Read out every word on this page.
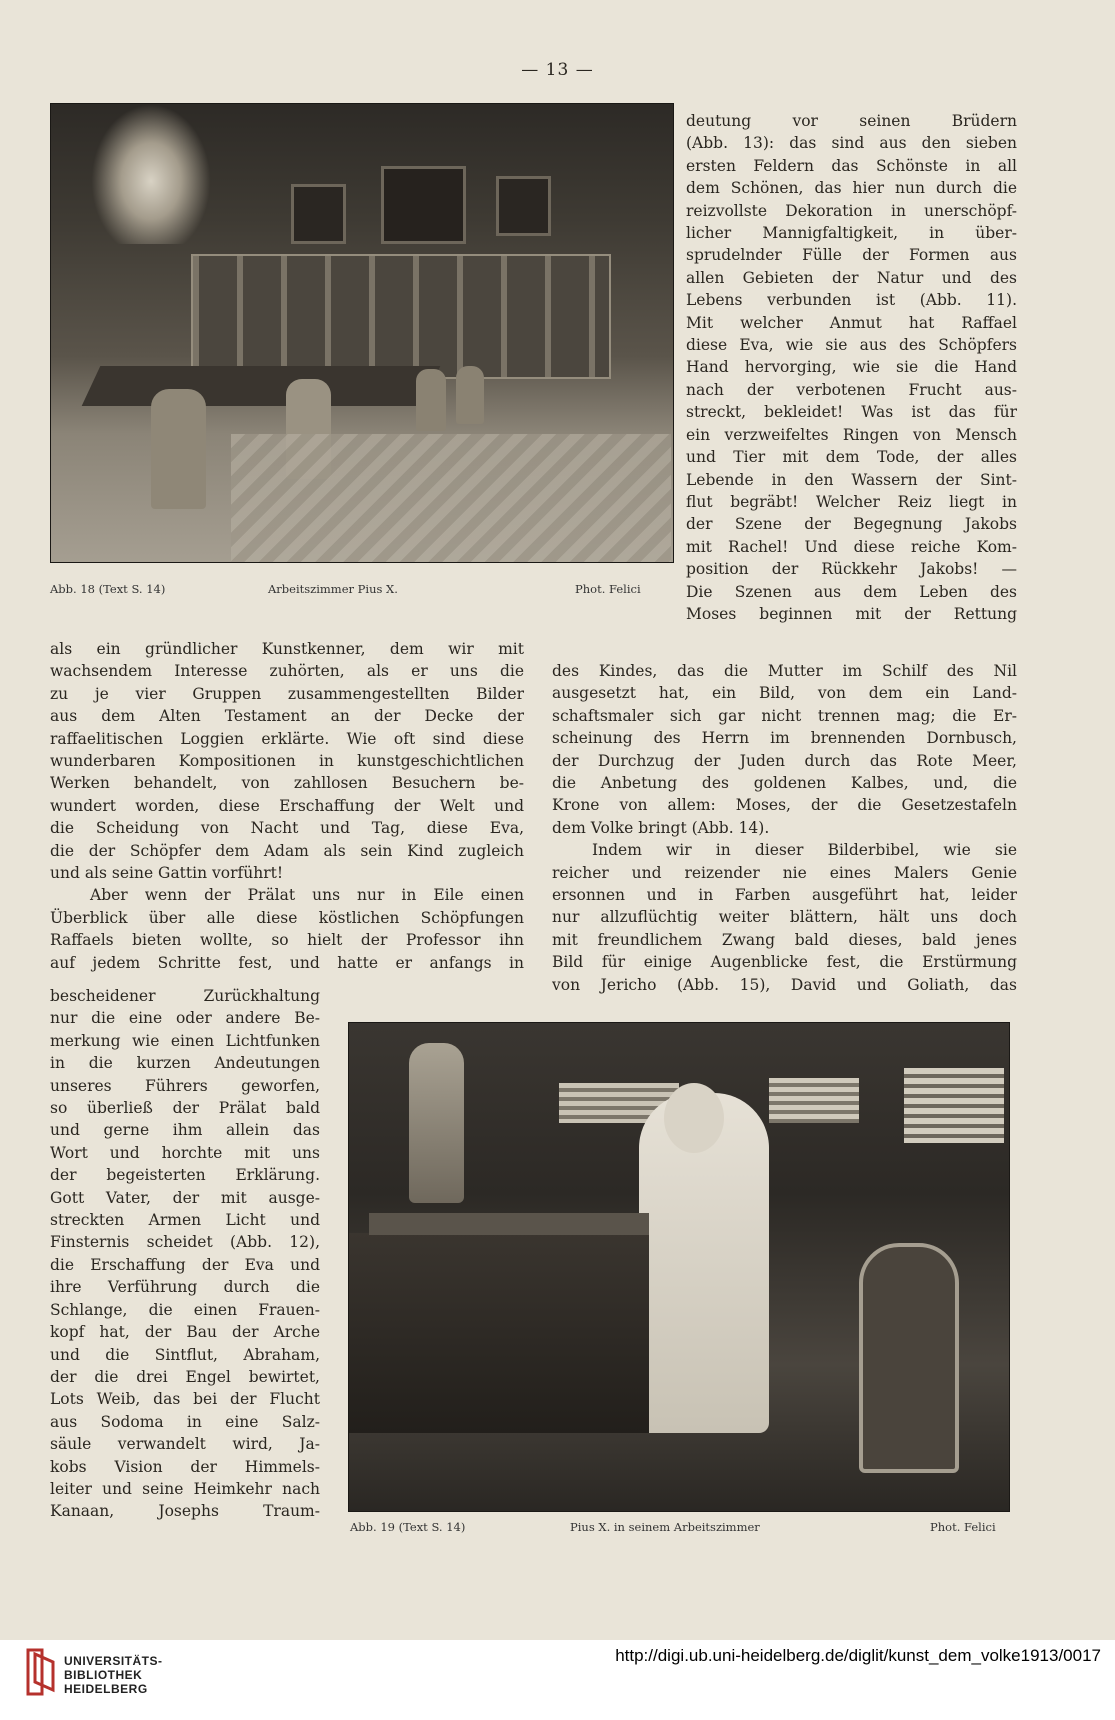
— 13 —
Abb. 18 (Text S. 14)	Arbeitszimmer Pius X.	Phot. Felici

deutung vor seinen Brüdern

(Abb. 13): das sind aus den sieben

ersten Feldern das Schönste in all

dem Schönen, das hier nun durch die

reizvollste Dekoration in unerschöpf-

licher Mannigfaltigkeit, in über-

sprudelnder Fülle der Formen aus

allen Gebieten der Natur und des

Lebens verbunden ist (Abb. 11).

Mit welcher Anmut hat Raffael

diese Eva, wie sie aus des Schöpfers

Hand hervorging, wie sie die Hand

nach der verbotenen Frucht aus-

streckt, bekleidet! Was ist das für

ein verzweifeltes Ringen von Mensch

und Tier mit dem Tode, der alles

Lebende in den Wassern der Sint-

flut begräbt! Welcher Reiz liegt in

der Szene der Begegnung Jakobs

mit Rachel! Und diese reiche Kom-

position der Rückkehr Jakobs! —

Die Szenen aus dem Leben des

Moses beginnen mit der Rettung

als ein gründlicher Kunstkenner, dem wir mit

wachsendem Interesse zuhörten, als er uns die

zu je vier Gruppen zusammengestellten Bilder

aus dem Alten Testament an der Decke der

raffaelitischen Loggien erklärte. Wie oft sind diese

wunderbaren Kompositionen in kunstgeschichtlichen

Werken behandelt, von zahllosen Besuchern be-

wundert worden, diese Erschaffung der Welt und

die Scheidung von Nacht und Tag, diese Eva,

die der Schöpfer dem Adam als sein Kind zugleich

und als seine Gattin vorführt!

Aber wenn der Prälat uns nur in Eile einen

Überblick über alle diese köstlichen Schöpfungen

Raffaels bieten wollte, so hielt der Professor ihn

auf jedem Schritte fest, und hatte er anfangs in

des Kindes, das die Mutter im Schilf des Nil

ausgesetzt hat, ein Bild, von dem ein Land-

schaftsmaler sich gar nicht trennen mag; die Er-

scheinung des Herrn im brennenden Dornbusch,

der Durchzug der Juden durch das Rote Meer,

die Anbetung des goldenen Kalbes, und, die

Krone von allem: Moses, der die Gesetzestafeln

dem Volke bringt (Abb. 14).

Indem wir in dieser Bilderbibel, wie sie

reicher und reizender nie eines Malers Genie

ersonnen und in Farben ausgeführt hat, leider

nur allzuflüchtig weiter blättern, hält uns doch

mit freundlichem Zwang bald dieses, bald jenes

Bild für einige Augenblicke fest, die Erstürmung

von Jericho (Abb. 15), David und Goliath, das

bescheidener Zurückhaltung

nur die eine oder andere Be-

merkung wie einen Lichtfunken

in die kurzen Andeutungen

unseres Führers geworfen,

so überließ der Prälat bald

und gerne ihm allein das

Wort und horchte mit uns

der begeisterten Erklärung.

Gott Vater, der mit ausge-

streckten Armen Licht und

Finsternis scheidet (Abb. 12),

die Erschaffung der Eva und

ihre Verführung durch die

Schlange, die einen Frauen-

kopf hat, der Bau der Arche

und die Sintflut, Abraham,

der die drei Engel bewirtet,

Lots Weib, das bei der Flucht

aus Sodoma in eine Salz-

säule verwandelt wird, Ja-

kobs Vision der Himmels-

leiter und seine Heimkehr nach

Kanaan, Josephs Traum-

Abb. 19 (Text S. 14)	Pius X. in seinem Arbeitszimmer	Phot. Felici
UNIVERSITÄTS-
BIBLIOTHEK
HEIDELBERG
http://digi.ub.uni-heidelberg.de/diglit/kunst_dem_volke1913/0017
